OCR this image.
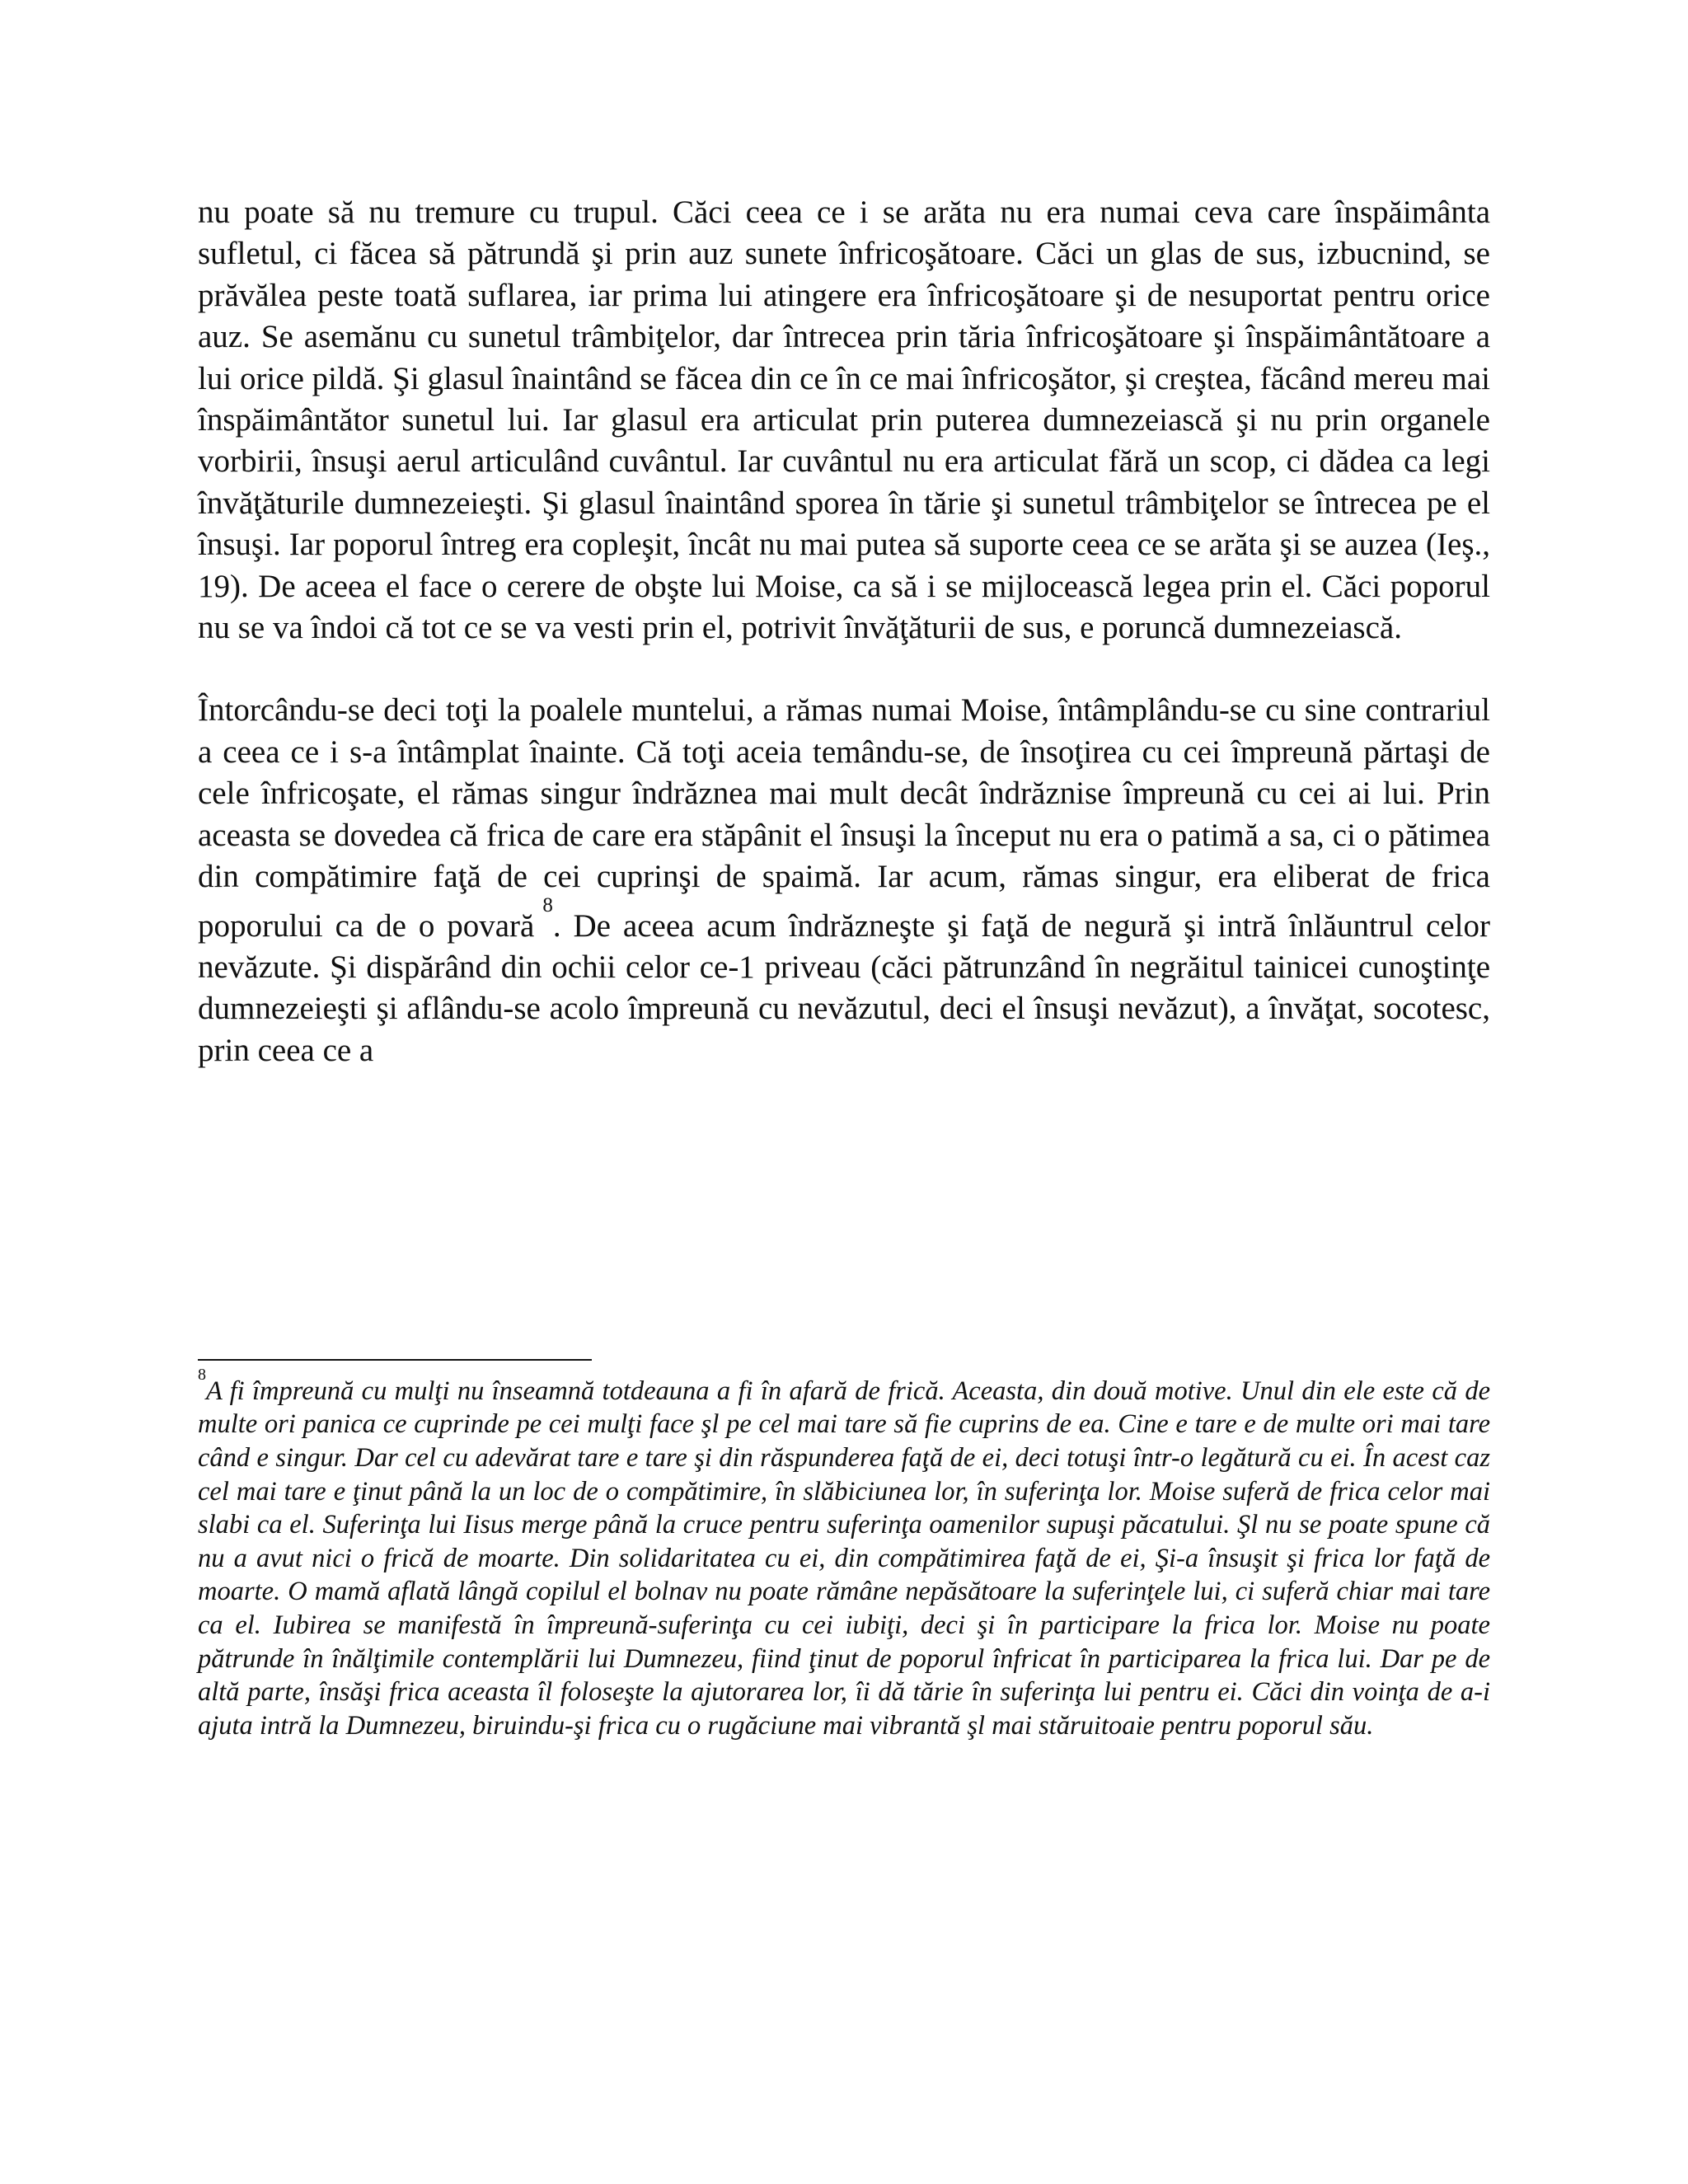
nu poate să nu tremure cu trupul. Căci ceea ce i se arăta nu era numai ceva care înspăimânta sufletul, ci făcea să pătrundă şi prin auz sunete înfricoşătoare. Căci un glas de sus, izbucnind, se prăvălea peste toată suflarea, iar prima lui atingere era înfricoşătoare şi de nesuportat pentru orice auz. Se asemănu cu sunetul trâmbiţelor, dar întrecea prin tăria înfricoşătoare şi înspăimântătoare a lui orice pildă. Şi glasul înaintând se făcea din ce în ce mai înfricoşător, şi creştea, făcând mereu mai înspăimântător sunetul lui. Iar glasul era articulat prin puterea dumnezeiască şi nu prin organele vorbirii, însuşi aerul articulând cuvântul. Iar cuvântul nu era articulat fără un scop, ci dădea ca legi învăţăturile dumnezeieşti. Şi glasul înaintând sporea în tărie şi sunetul trâmbiţelor se întrecea pe el însuşi. Iar poporul întreg era copleşit, încât nu mai putea să suporte ceea ce se arăta şi se auzea (Ieş., 19). De aceea el face o cerere de obşte lui Moise, ca să i se mijlocească legea prin el. Căci poporul nu se va îndoi că tot ce se va vesti prin el, potrivit învăţăturii de sus, e poruncă dumnezeiască.

Întorcându-se deci toţi la poalele muntelui, a rămas numai Moise, întâmplându-se cu sine contrariul a ceea ce i s-a întâmplat înainte. Că toţi aceia temându-se, de însoţirea cu cei împreună părtaşi de cele înfricoşate, el rămas singur îndrăznea mai mult decât îndrăznise împreună cu cei ai lui. Prin aceasta se dovedea că frica de care era stăpânit el însuşi la început nu era o patimă a sa, ci o pătimea din compătimire faţă de cei cuprinşi de spaimă. Iar acum, rămas singur, era eliberat de frica poporului ca de o povară$^8$. De aceea acum îndrăzneşte şi faţă de negură şi intră înlăuntrul celor nevăzute. Şi dispărând din ochii celor ce-1 priveau (căci pătrunzând în negrăitul tainicei cunoştinţe dumnezeieşti şi aflându-se acolo împreună cu nevăzutul, deci el însuşi nevăzut), a învăţat, socotesc, prin ceea ce a

$^8$A fi împreună cu mulţi nu înseamnă totdeauna a fi în afară de frică. Aceasta, din două motive. Unul din ele este că de multe ori panica ce cuprinde pe cei mulţi face şl pe cel mai tare să fie cuprins de ea. Cine e tare e de multe ori mai tare când e singur. Dar cel cu adevărat tare e tare şi din răspunderea faţă de ei, deci totuşi într-o legătură cu ei. În acest caz cel mai tare e ţinut până la un loc de o compătimire, în slăbiciunea lor, în suferinţa lor. Moise suferă de frica celor mai slabi ca el. Suferinţa lui Iisus merge până la cruce pentru suferinţa oamenilor supuşi păcatului. Şl nu se poate spune că nu a avut nici o frică de moarte. Din solidaritatea cu ei, din compătimirea faţă de ei, Şi-a însuşit şi frica lor faţă de moarte. O mamă aflată lângă copilul el bolnav nu poate rămâne nepăsătoare la suferinţele lui, ci suferă chiar mai tare ca el. Iubirea se manifestă în împreună-suferinţa cu cei iubiţi, deci şi în participare la frica lor. Moise nu poate pătrunde în înălţimile contemplării lui Dumnezeu, fiind ţinut de poporul înfricat în participarea la frica lui. Dar pe de altă parte, însăşi frica aceasta îl foloseşte la ajutorarea lor, îi dă tărie în suferinţa lui pentru ei. Căci din voinţa de a-i ajuta intră la Dumnezeu, biruindu-şi frica cu o rugăciune mai vibrantă şl mai stăruitoaie pentru poporul său.
